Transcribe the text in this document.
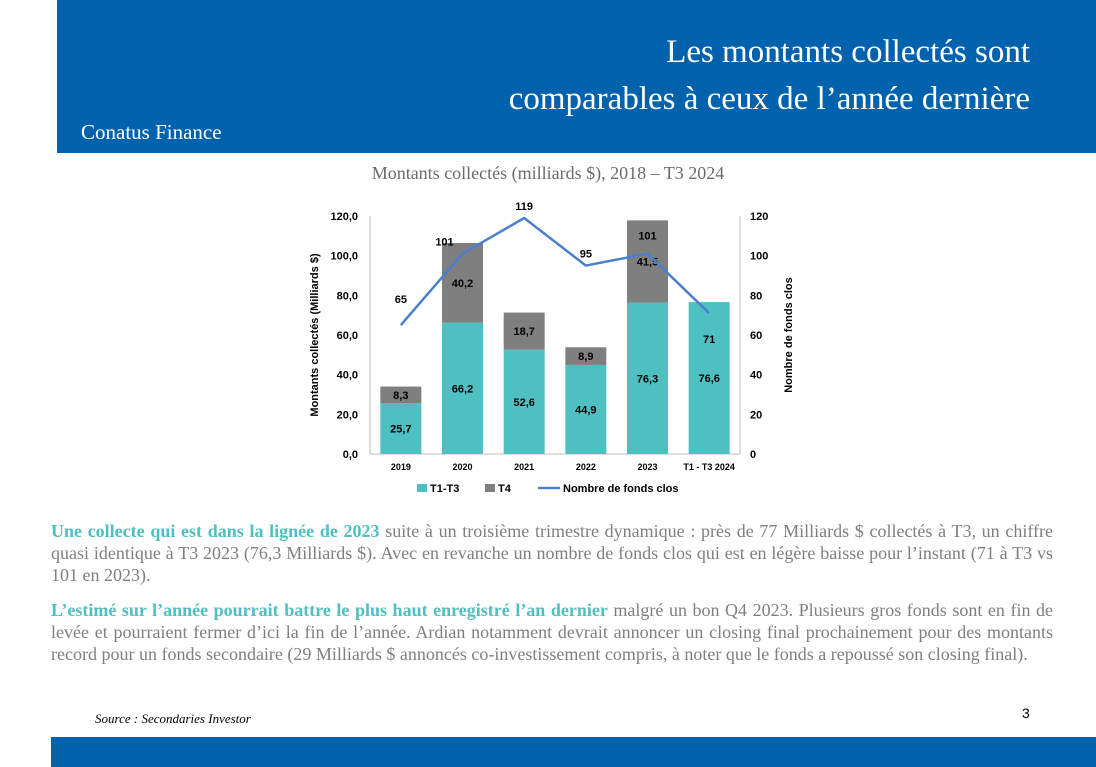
Les montants collectés sont
comparables à ceux de l’année dernière
Conatus Finance
Montants collectés (milliards $), 2018 – T3 2024
0,0
20,0
40,0
60,0
80,0
100,0
120,0
0
20
40
60
80
100
120
Montants collectés (Milliards $)	Nombre de fonds clos
25,7
8,3
2019
66,2
40,2
2020
52,6
18,7
2021
44,9
8,9
2022
76,3
41,5
2023
76,6
T1 - T3 2024
65
101
119
95
101
71
T1-T3	T4	Nombre de fonds clos
Une collecte qui est dans la lignée de 2023 suite à un troisième trimestre dynamique : près de 77 Milliards $ collectés à T3, un chiffre quasi identique à T3 2023 (76,3 Milliards $). Avec en revanche un nombre de fonds clos qui est en légère baisse pour l’instant (71 à T3 vs 101 en 2023).
L’estimé sur l’année pourrait battre le plus haut enregistré l’an dernier malgré un bon Q4 2023. Plusieurs gros fonds sont en fin de levée et pourraient fermer d’ici la fin de l’année. Ardian notamment devrait annoncer un closing final prochainement pour des montants record pour un fonds secondaire (29 Milliards $ annoncés co-investissement compris, à noter que le fonds a repoussé son closing final).
Source : Secondaries Investor	3
